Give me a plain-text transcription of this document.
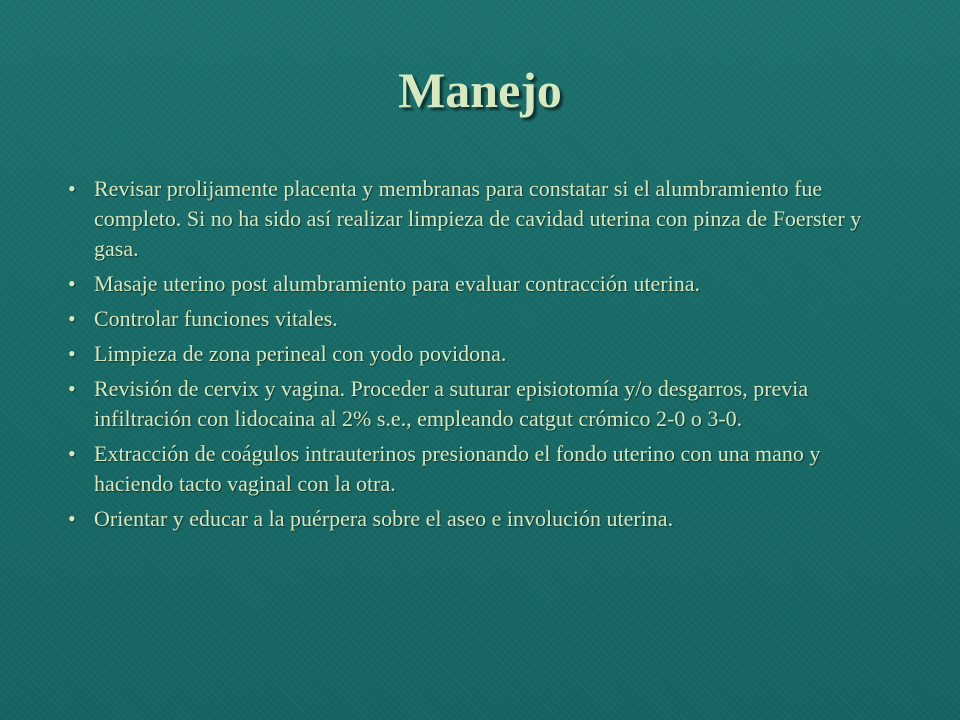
Manejo
• Revisar prolijamente placenta y membranas para constatar si el alumbramiento fue completo. Si no ha sido así realizar limpieza de cavidad uterina con pinza de Foerster y gasa.
• Masaje uterino post alumbramiento para evaluar contracción uterina.
• Controlar funciones vitales.
• Limpieza de zona perineal con yodo povidona.
• Revisión de cervix y vagina. Proceder a suturar episiotomía y/o desgarros, previa infiltración con lidocaina al 2% s.e., empleando catgut crómico 2-0 o 3-0.
• Extracción de coágulos intrauterinos presionando el fondo uterino con una mano y haciendo tacto vaginal con la otra.
• Orientar y educar a la puérpera sobre el aseo e involución uterina.
